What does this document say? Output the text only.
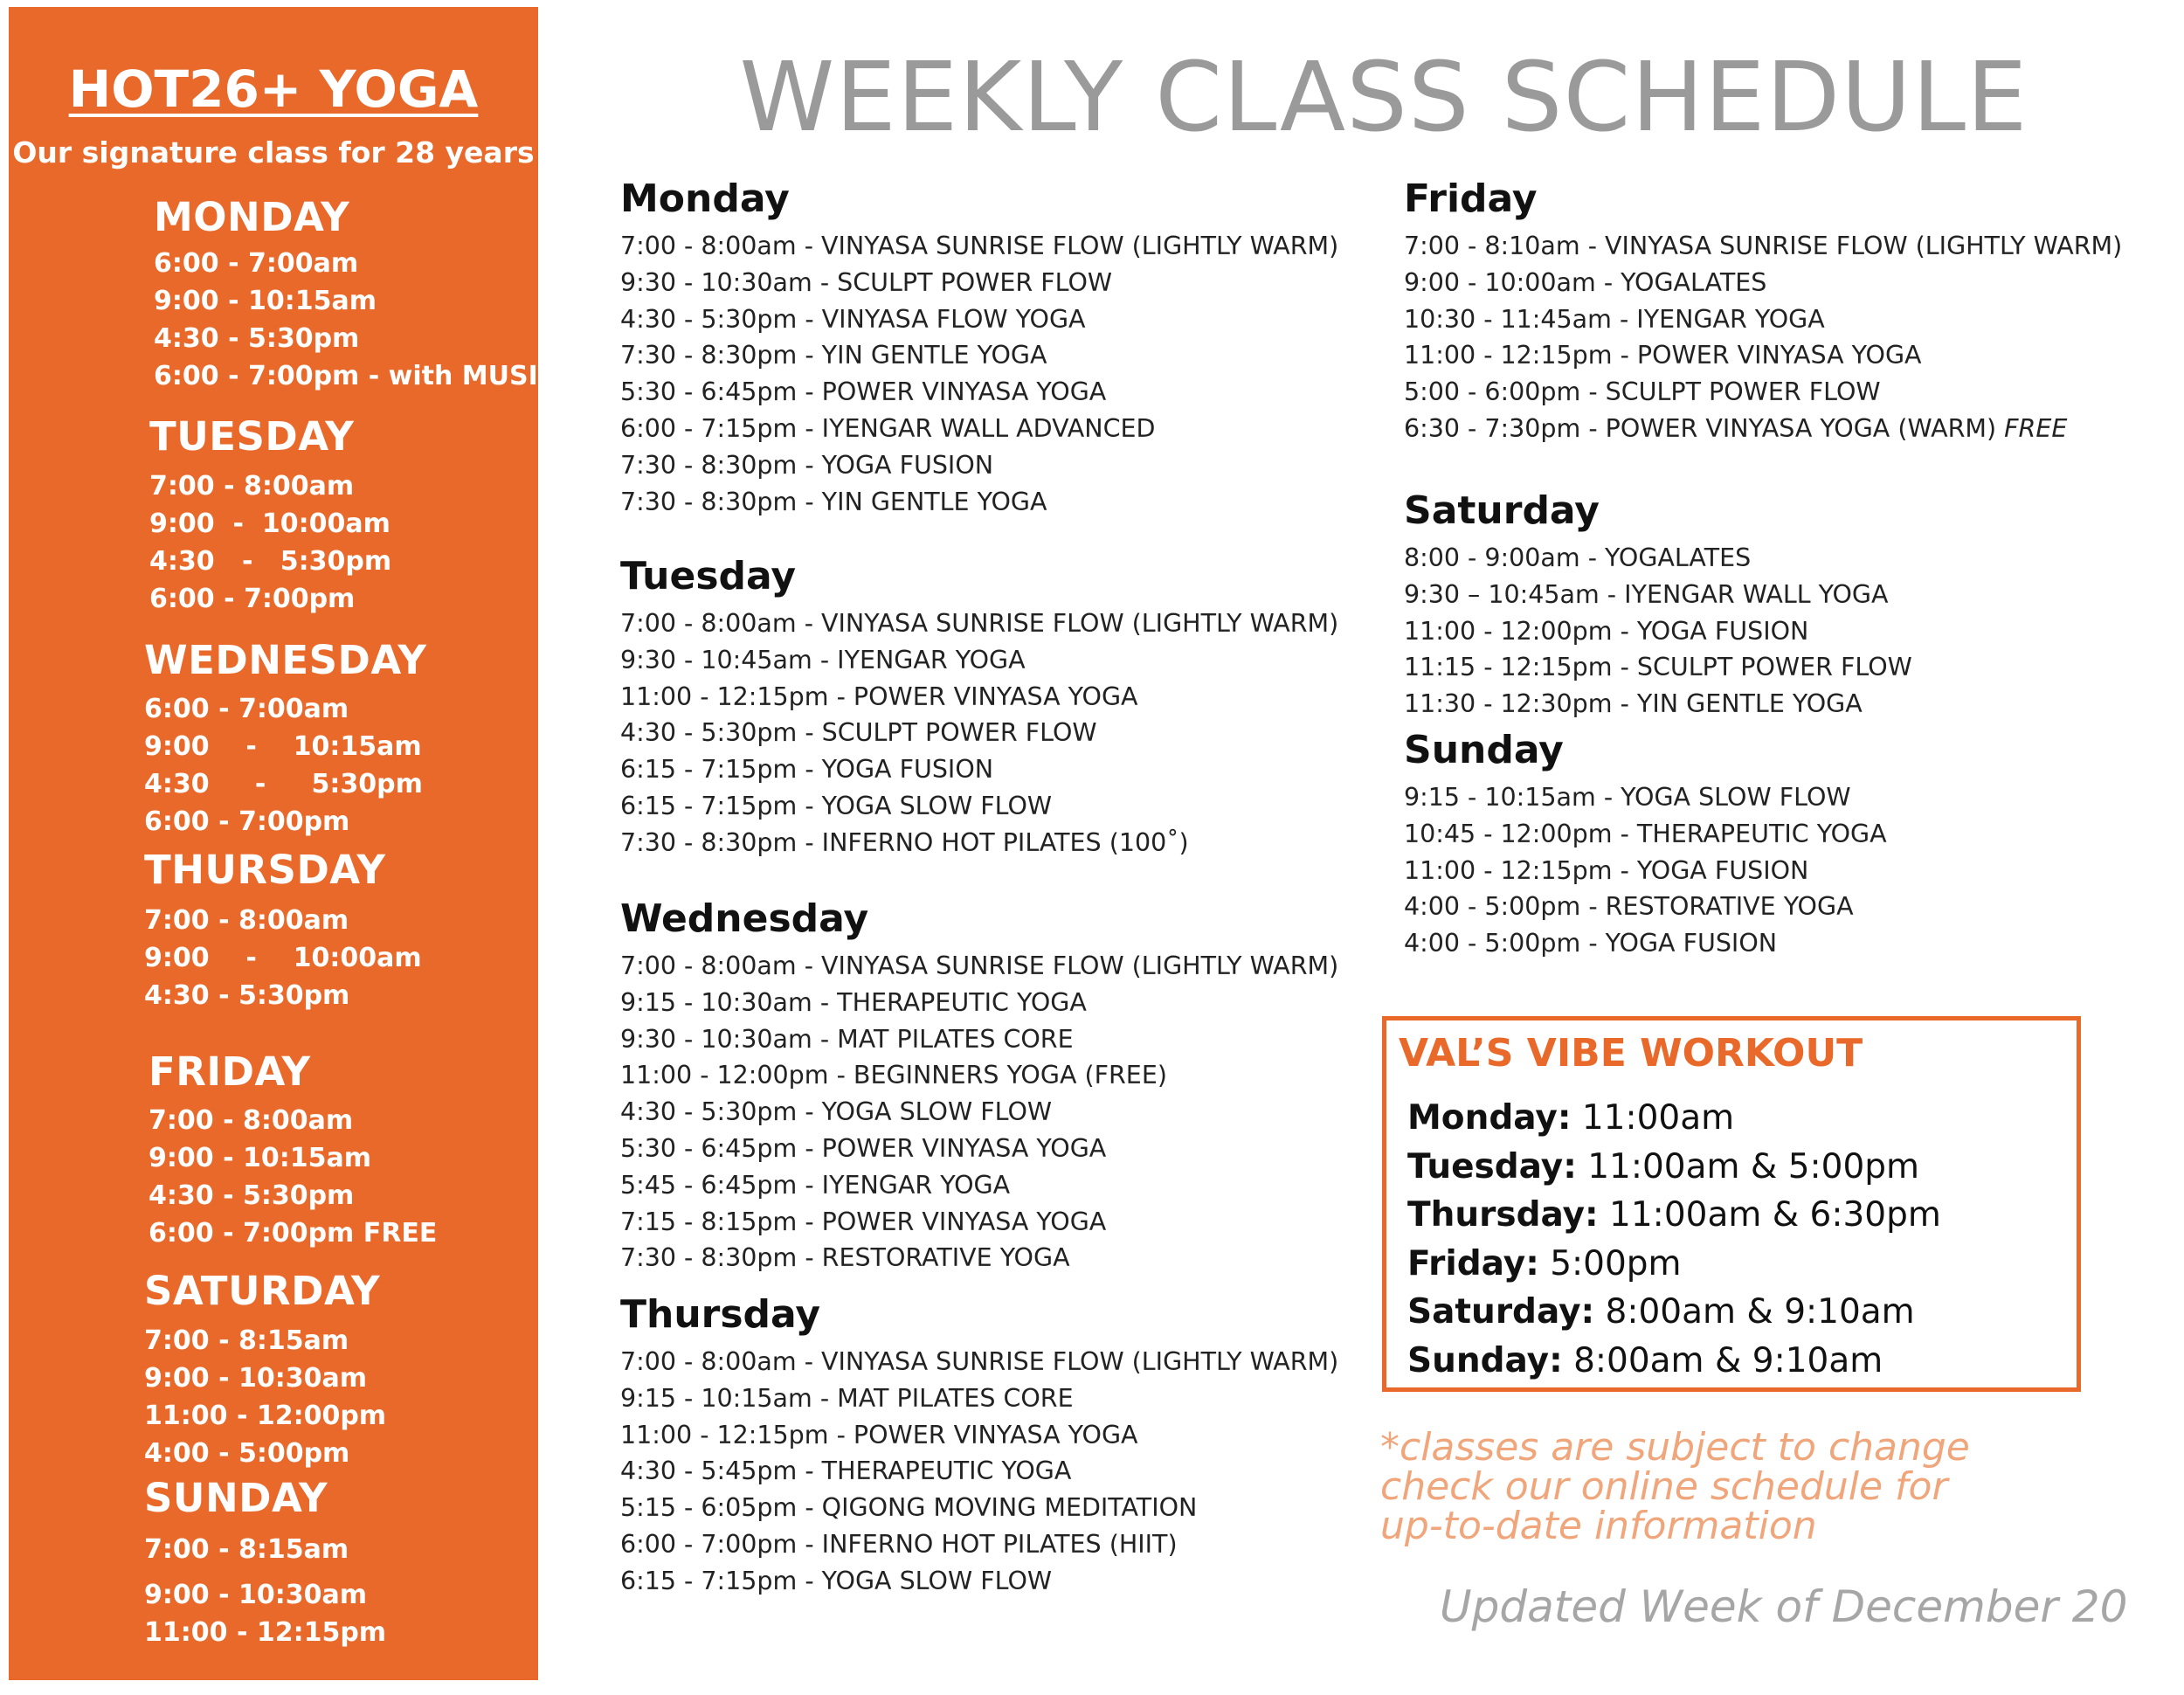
HOT26+ YOGA
Our signature class for 28 years
MONDAY
6:00 - 7:00am
9:00 - 10:15am
4:30 - 5:30pm
6:00 - 7:00pm - with MUSIC
TUESDAY
7:00 - 8:00am
9:00  -  10:00am
4:30   -   5:30pm
6:00 - 7:00pm
WEDNESDAY
6:00 - 7:00am
9:00    -    10:15am
4:30     -     5:30pm
6:00 - 7:00pm
THURSDAY
7:00 - 8:00am
9:00    -    10:00am
4:30 - 5:30pm
FRIDAY
7:00 - 8:00am
9:00 - 10:15am
4:30 - 5:30pm
6:00 - 7:00pm FREE
SATURDAY
7:00 - 8:15am
9:00 - 10:30am
11:00 - 12:00pm
4:00 - 5:00pm
SUNDAY
7:00 - 8:15am
9:00 - 10:30am
11:00 - 12:15pm
WEEKLY CLASS SCHEDULE
Monday
7:00 - 8:00am - VINYASA SUNRISE FLOW (LIGHTLY WARM)
9:30 - 10:30am - SCULPT POWER FLOW
4:30 - 5:30pm - VINYASA FLOW YOGA
7:30 - 8:30pm - YIN GENTLE YOGA
5:30 - 6:45pm - POWER VINYASA YOGA
6:00 - 7:15pm - IYENGAR WALL ADVANCED
7:30 - 8:30pm - YOGA FUSION
7:30 - 8:30pm - YIN GENTLE YOGA
Tuesday
7:00 - 8:00am - VINYASA SUNRISE FLOW (LIGHTLY WARM)
9:30 - 10:45am - IYENGAR YOGA
11:00 - 12:15pm - POWER VINYASA YOGA
4:30 - 5:30pm - SCULPT POWER FLOW
6:15 - 7:15pm - YOGA FUSION
6:15 - 7:15pm - YOGA SLOW FLOW
7:30 - 8:30pm - INFERNO HOT PILATES (100˚)
Wednesday
7:00 - 8:00am - VINYASA SUNRISE FLOW (LIGHTLY WARM)
9:15 - 10:30am - THERAPEUTIC YOGA
9:30 - 10:30am - MAT PILATES CORE
11:00 - 12:00pm - BEGINNERS YOGA (FREE)
4:30 - 5:30pm - YOGA SLOW FLOW
5:30 - 6:45pm - POWER VINYASA YOGA
5:45 - 6:45pm - IYENGAR YOGA
7:15 - 8:15pm - POWER VINYASA YOGA
7:30 - 8:30pm - RESTORATIVE YOGA
Thursday
7:00 - 8:00am - VINYASA SUNRISE FLOW (LIGHTLY WARM)
9:15 - 10:15am - MAT PILATES CORE
11:00 - 12:15pm - POWER VINYASA YOGA
4:30 - 5:45pm - THERAPEUTIC YOGA
5:15 - 6:05pm - QIGONG MOVING MEDITATION
6:00 - 7:00pm - INFERNO HOT PILATES (HIIT)
6:15 - 7:15pm - YOGA SLOW FLOW
Friday
7:00 - 8:10am - VINYASA SUNRISE FLOW (LIGHTLY WARM)
9:00 - 10:00am - YOGALATES
10:30 - 11:45am - IYENGAR YOGA
11:00 - 12:15pm - POWER VINYASA YOGA
5:00 - 6:00pm - SCULPT POWER FLOW
6:30 - 7:30pm - POWER VINYASA YOGA (WARM) FREE
Saturday
8:00 - 9:00am - YOGALATES
9:30 – 10:45am - IYENGAR WALL YOGA
11:00 - 12:00pm - YOGA FUSION
11:15 - 12:15pm - SCULPT POWER FLOW
11:30 - 12:30pm - YIN GENTLE YOGA
Sunday
9:15 - 10:15am - YOGA SLOW FLOW
10:45 - 12:00pm - THERAPEUTIC YOGA
11:00 - 12:15pm - YOGA FUSION
4:00 - 5:00pm - RESTORATIVE YOGA
4:00 - 5:00pm - YOGA FUSION
VAL’S VIBE WORKOUT
Monday: 11:00am
Tuesday: 11:00am & 5:00pm
Thursday: 11:00am & 6:30pm
Friday: 5:00pm
Saturday: 8:00am & 9:10am
Sunday: 8:00am & 9:10am
*classes are subject to change
check our online schedule for
up-to-date information
Updated Week of December 20
